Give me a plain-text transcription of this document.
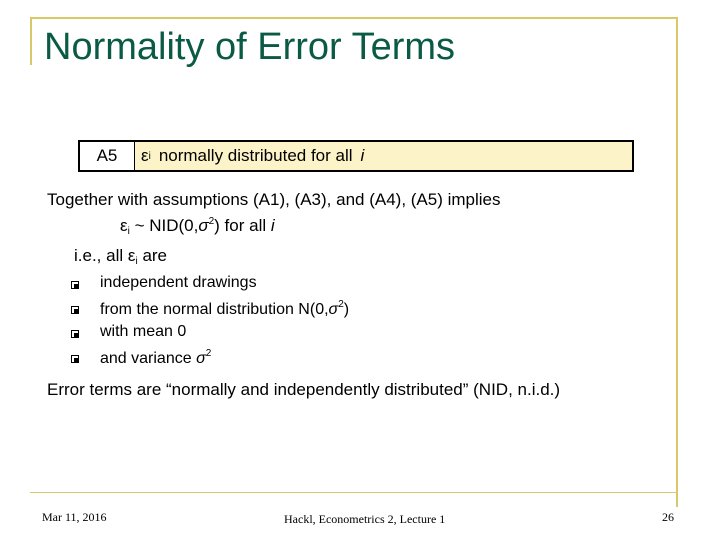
Normality of Error Terms
A5	ε i normally distributed for all i
Together with assumptions (A1), (A3), and (A4), (A5) implies
$\varepsilon_i$ ~ $NID(0,\sigma^2)$ for all i
i.e., all $\varepsilon_i$ are
independent drawings
from the normal distribution $N(0,\sigma^2)$
with mean 0
and variance $\sigma^2$
Error terms are “normally and independently distributed” (NID, n.i.d.)
Mar 11, 2016	Hackl, Econometrics 2, Lecture 1	26
